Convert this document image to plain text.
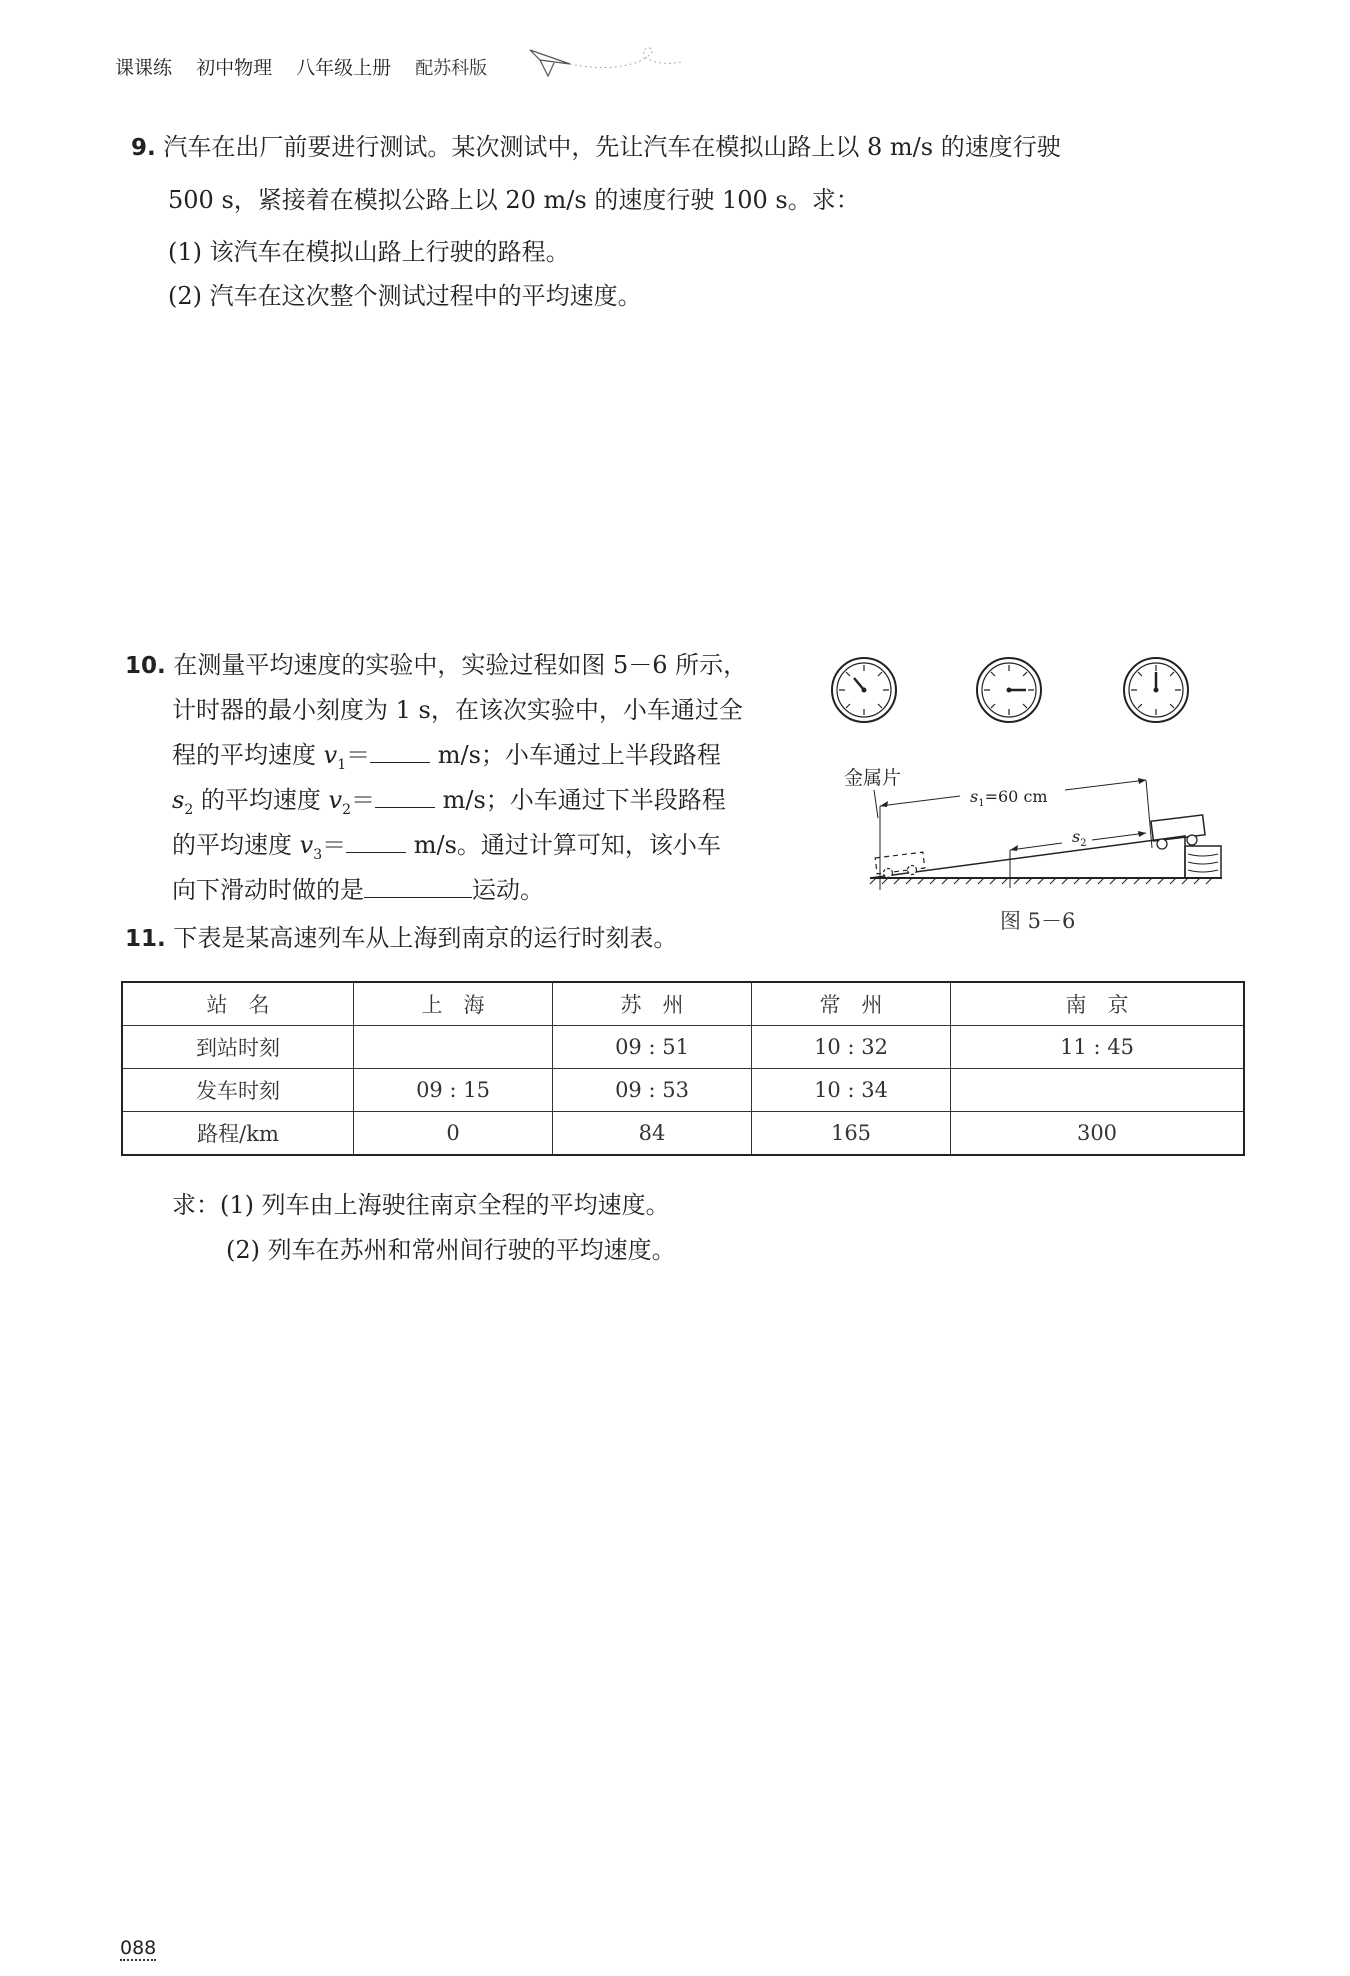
课课练 初中物理 八年级上册 配苏科版
9. 汽车在出厂前要进行测试。某次测试中，先让汽车在模拟山路上以 8 m/s 的速度行驶
500 s，紧接着在模拟公路上以 20 m/s 的速度行驶 100 s。求：
(1) 该汽车在模拟山路上行驶的路程。
(2) 汽车在这次整个测试过程中的平均速度。
10. 在测量平均速度的实验中，实验过程如图 5－6 所示，
计时器的最小刻度为 1 s，在该次实验中，小车通过全
程的平均速度 $v_1=$	m/s；小车通过上半段路程
$s_2$ 的平均速度 $v_2=$	m/s；小车通过下半段路程
的平均速度 $v_3=$	m/s。通过计算可知，该小车
向下滑动时做的是	运动。
金属片
$s_1=60$ cm
$s_2$
图 5－6
11. 下表是某高速列车从上海到南京的运行时刻表。
站　名	上　海	苏　州	常　州	南　京
到站时刻		09 : 51	10 : 32	11 : 45
发车时刻	09 : 15	09 : 53	10 : 34	
路程/km	0	84	165	300
求：(1) 列车由上海驶往南京全程的平均速度。
(2) 列车在苏州和常州间行驶的平均速度。
088
